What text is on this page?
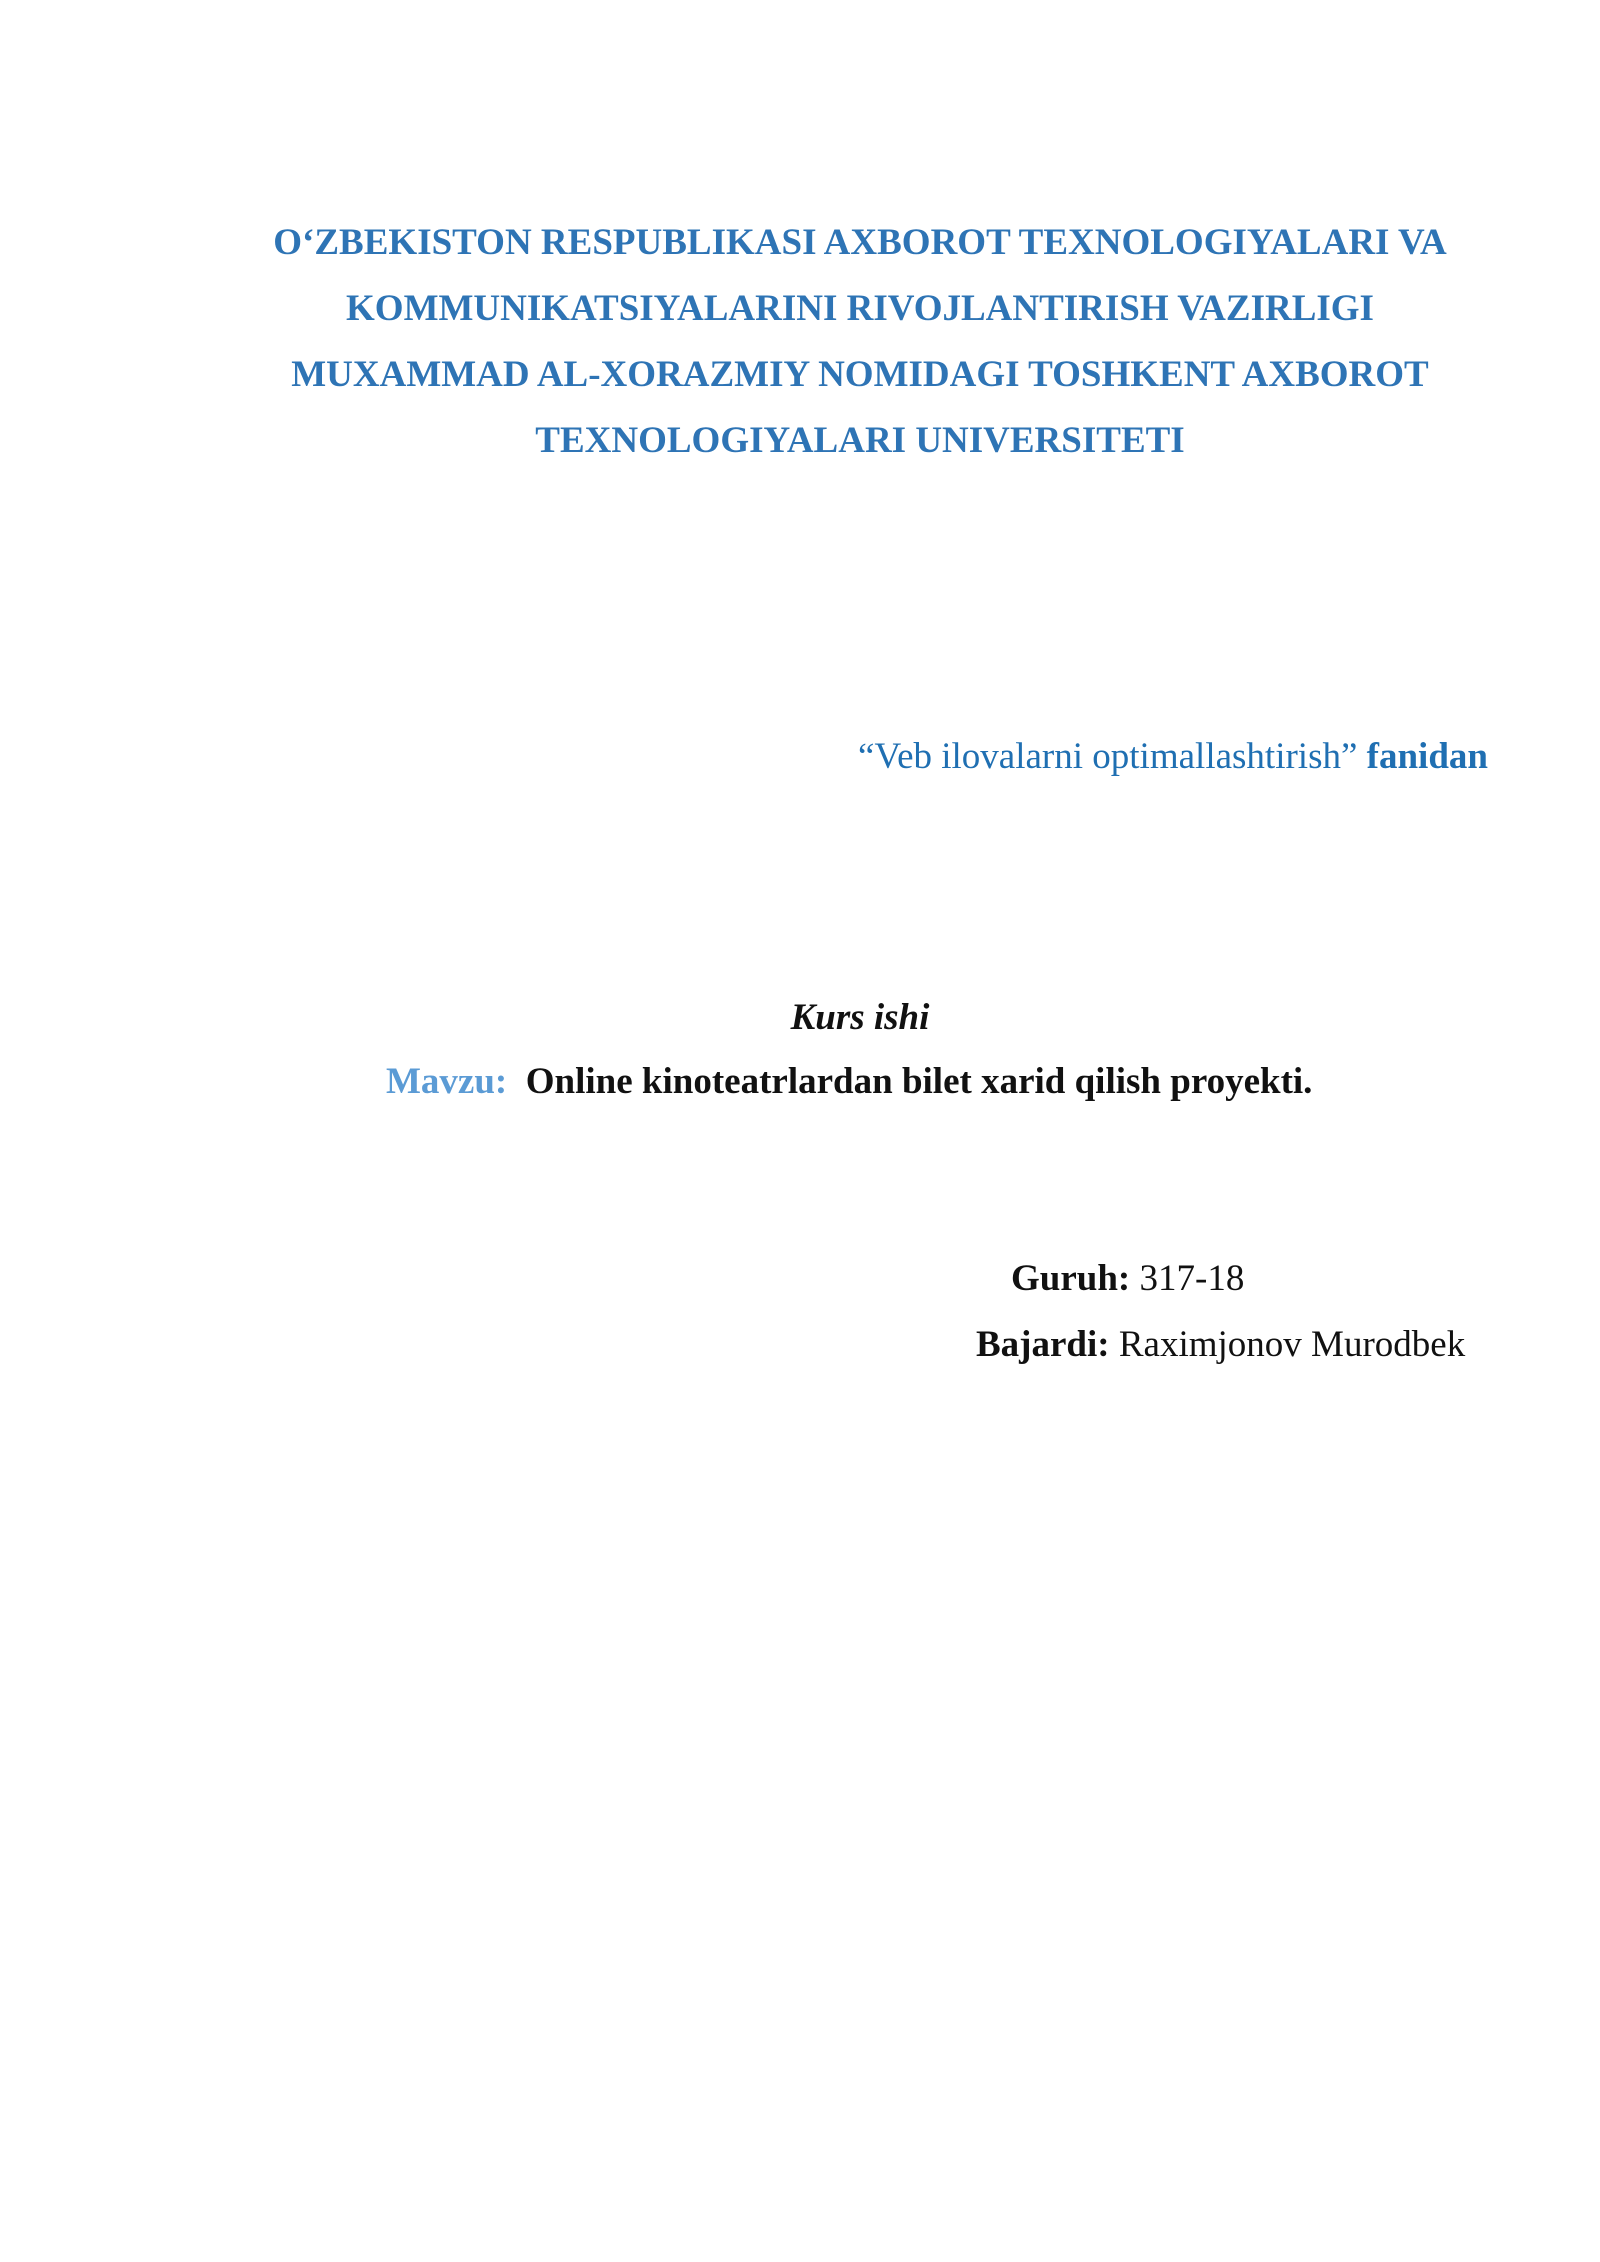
O‘ZBEKISTON RESPUBLIKASI AXBOROT TEXNOLOGIYALARI VA
KOMMUNIKATSIYALARINI RIVOJLANTIRISH VAZIRLIGI
MUXAMMAD AL-XORAZMIY NOMIDAGI TOSHKENT AXBOROT
TEXNOLOGIYALARI UNIVERSITETI
“Veb ilovalarni optimallashtirish” fanidan
Kurs ishi
Mavzu: Online kinoteatrlardan bilet xarid qilish proyekti.
Guruh: 317-18
Bajardi: Raximjonov Murodbek
